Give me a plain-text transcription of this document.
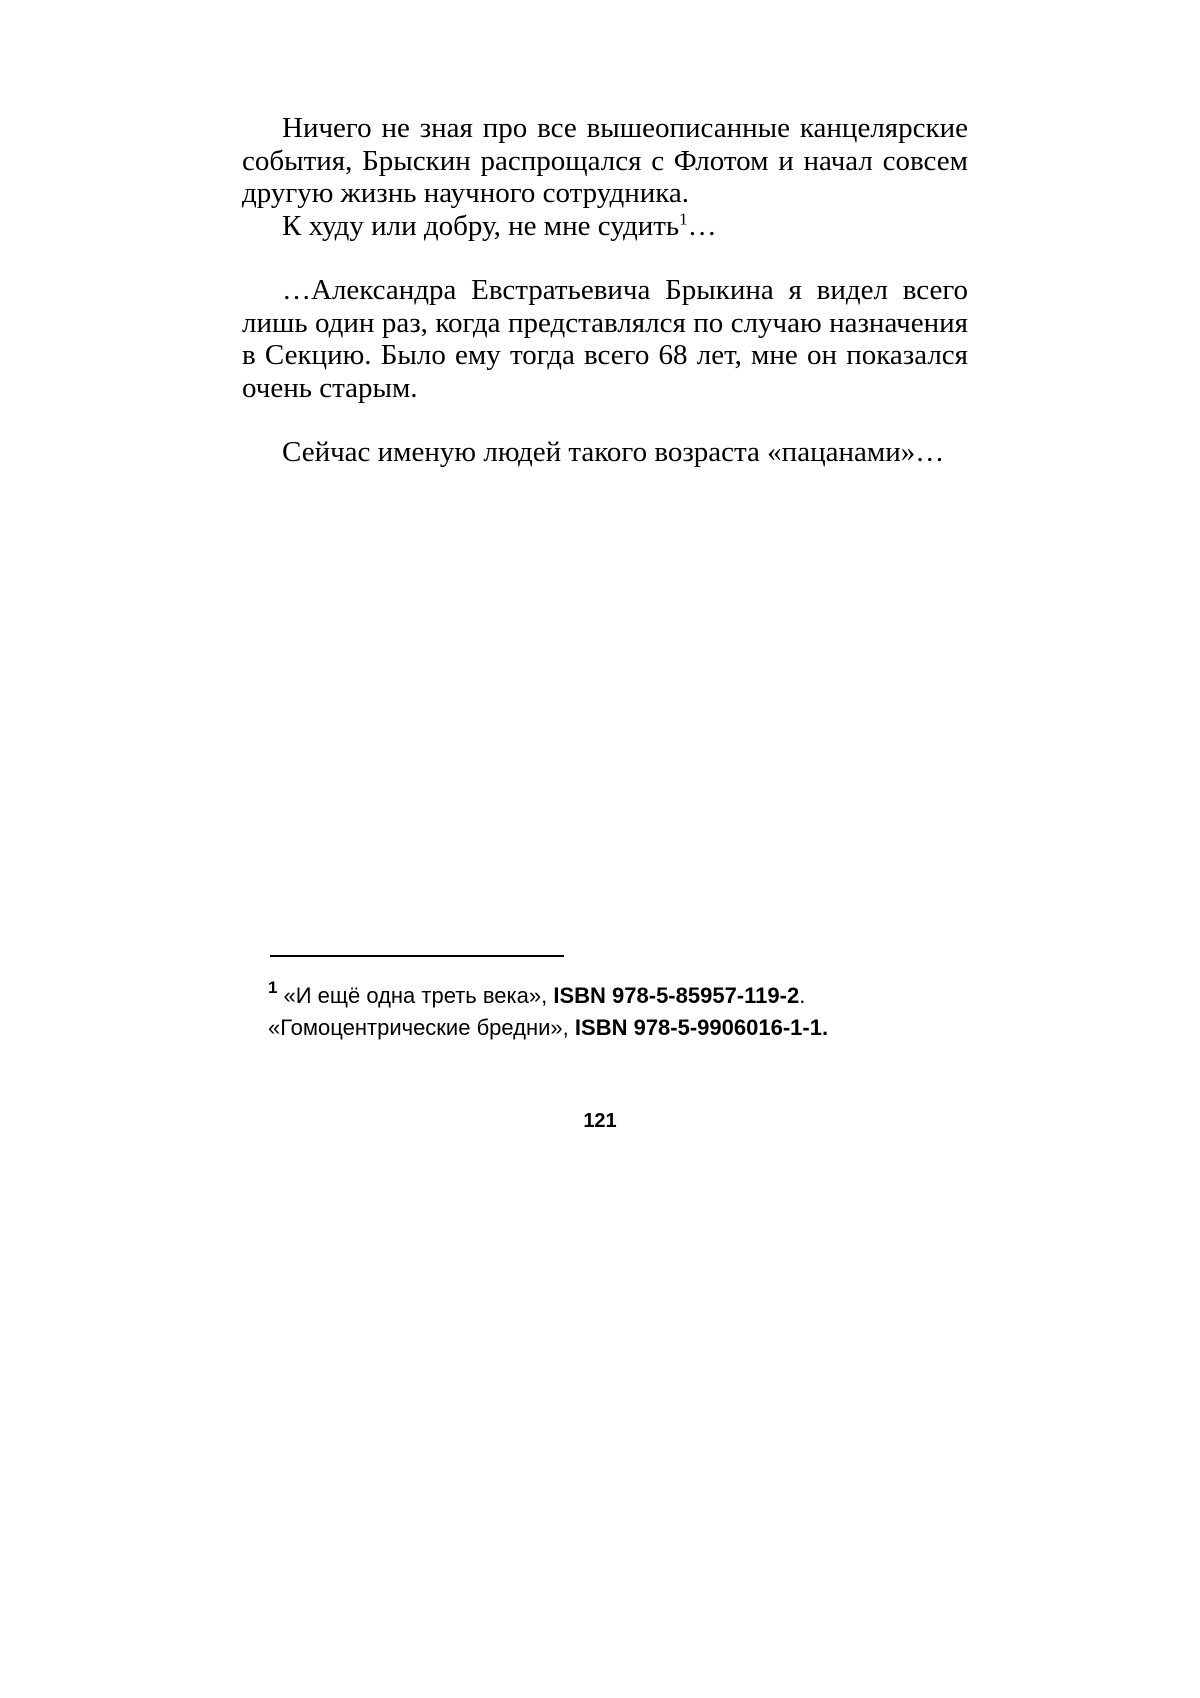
Ничего не зная про все вышеописанные канцелярские события, Брыскин распрощался с Флотом и начал совсем другую жизнь научного сотрудника.

К худу или добру, не мне судить$^1$…

…Александра Евстратьевича Брыкина я видел всего лишь один раз, когда представлялся по случаю назначения в Секцию. Было ему тогда всего 68 лет, мне он показался очень старым.

Сейчас именую людей такого возраста «пацанами»…

$^1$ «И ещё одна треть века», ISBN 978-5-85957-119-2.

«Гомоцентрические бредни», ISBN 978-5-9906016-1-1.

121
